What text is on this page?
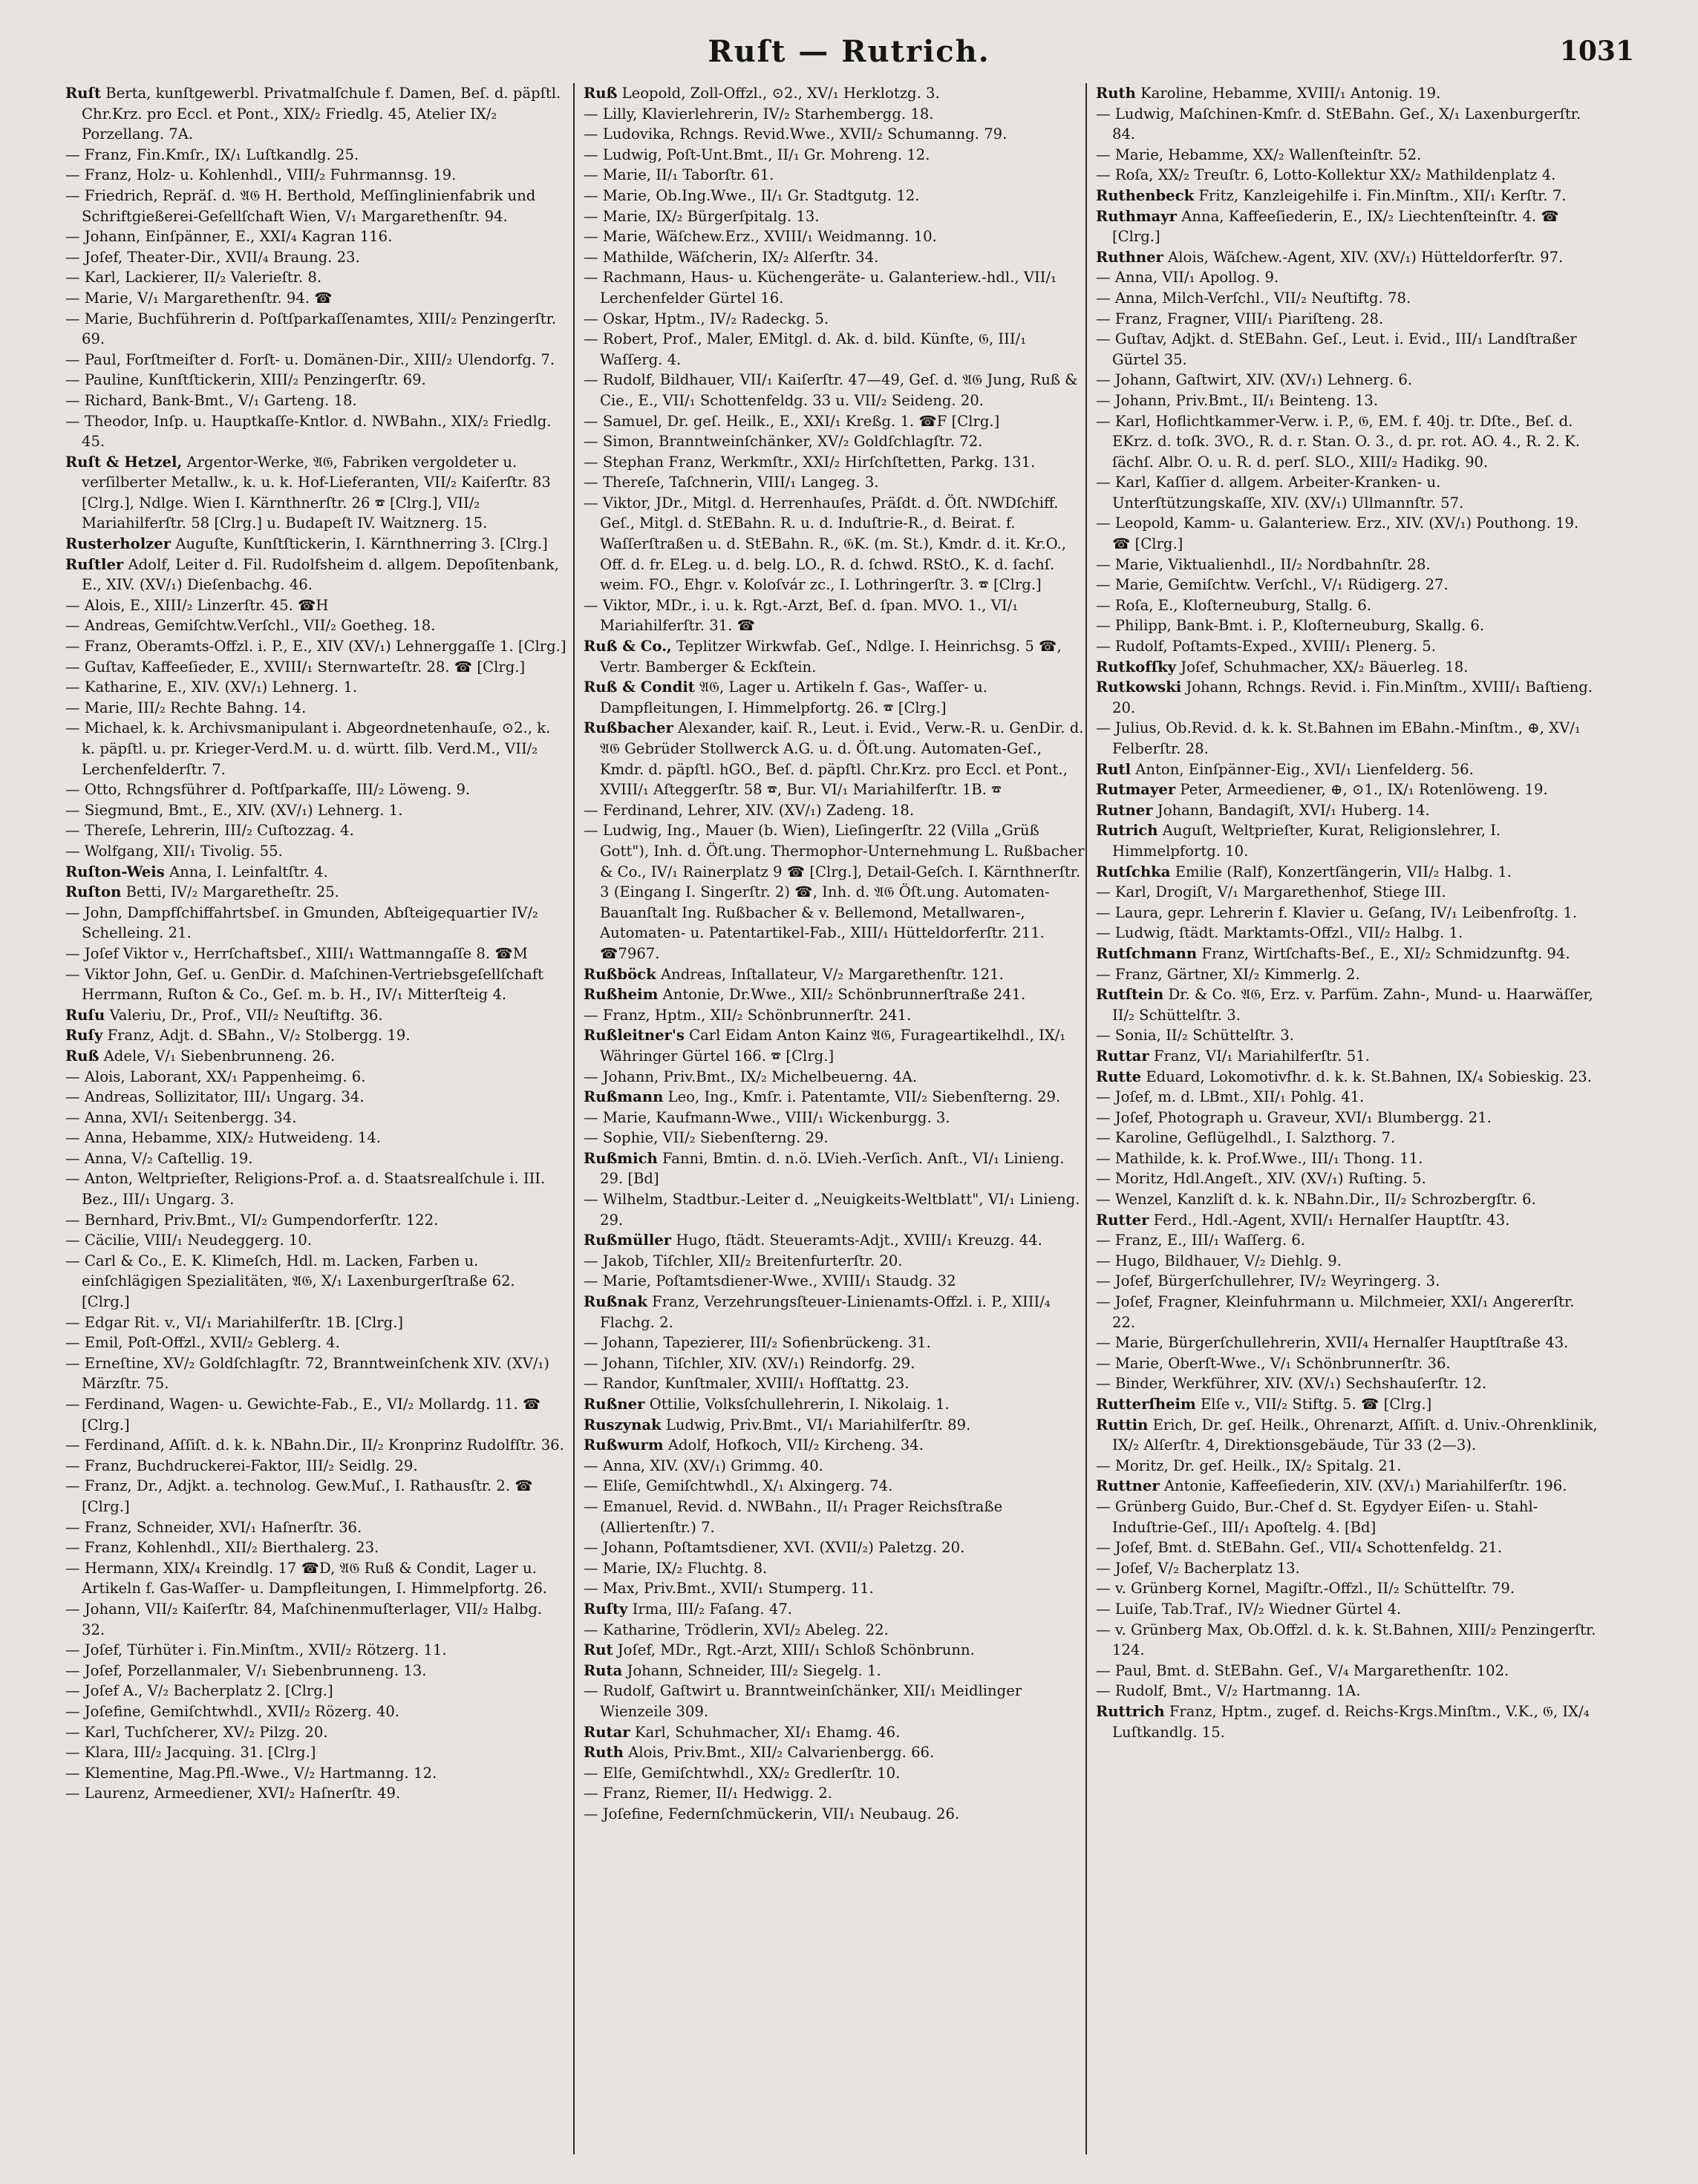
Ruſt — Rutrich.	1031
Ruſt Berta, kunſtgewerbl. Privatmalſchule f. Damen, Beſ. d. päpſtl. Chr.Krz. pro Eccl. et Pont., XIX/₂ Friedlg. 45, Atelier IX/₂ Porzellang. 7A.
— Franz, Fin.Kmſr., IX/₁ Luſtkandlg. 25.
— Franz, Holz- u. Kohlenhdl., VIII/₂ Fuhrmannsg. 19.
— Friedrich, Repräſ. d. 𝔄𝔊 H. Berthold, Meſſinglinienfabrik und Schriftgießerei-Geſellſchaft Wien, V/₁ Margarethenſtr. 94.
— Johann, Einſpänner, E., XXI/₄ Kagran 116.
— Joſef, Theater-Dir., XVII/₄ Braung. 23.
— Karl, Lackierer, II/₂ Valerieſtr. 8.
— Marie, V/₁ Margarethenſtr. 94. ☎
— Marie, Buchführerin d. Poſtſparkaſſenamtes, XIII/₂ Penzingerſtr. 69.
— Paul, Forſtmeiſter d. Forſt- u. Domänen-Dir., XIII/₂ Ulendorfg. 7.
— Pauline, Kunſtſtickerin, XIII/₂ Penzingerſtr. 69.
— Richard, Bank-Bmt., V/₁ Garteng. 18.
— Theodor, Inſp. u. Hauptkaſſe-Kntlor. d. NWBahn., XIX/₂ Friedlg. 45.
Ruſt & Hetzel, Argentor-Werke, 𝔄𝔊, Fabriken vergoldeter u. verſilberter Metallw., k. u. k. Hof-Lieferanten, VII/₂ Kaiſerſtr. 83 [Clrg.], Ndlge. Wien I. Kärnthnerſtr. 26 ☎ [Clrg.], VII/₂ Mariahilferſtr. 58 [Clrg.] u. Budapeſt IV. Waitznerg. 15.
Rusterholzer Auguſte, Kunſtſtickerin, I. Kärnthnerring 3. [Clrg.]
Ruſtler Adolf, Leiter d. Fil. Rudolfsheim d. allgem. Depoſitenbank, E., XIV. (XV/₁) Dieſenbachg. 46.
— Alois, E., XIII/₂ Linzerſtr. 45. ☎H
— Andreas, Gemiſchtw.Verſchl., VII/₂ Goetheg. 18.
— Franz, Oberamts-Offzl. i. P., E., XIV (XV/₁) Lehnerggaſſe 1. [Clrg.]
— Guſtav, Kaffeeſieder, E., XVIII/₁ Sternwarteſtr. 28. ☎ [Clrg.]
— Katharine, E., XIV. (XV/₁) Lehnerg. 1.
— Marie, III/₂ Rechte Bahng. 14.
— Michael, k. k. Archivsmanipulant i. Abgeordnetenhauſe, ⊙2., k. k. päpſtl. u. pr. Krieger-Verd.M. u. d. württ. ſilb. Verd.M., VII/₂ Lerchenfelderſtr. 7.
— Otto, Rchngsführer d. Poſtſparkaſſe, III/₂ Löweng. 9.
— Siegmund, Bmt., E., XIV. (XV/₁) Lehnerg. 1.
— Thereſe, Lehrerin, III/₂ Cuſtozzag. 4.
— Wolfgang, XII/₁ Tivolig. 55.
Ruſton-Weis Anna, I. Leinfaltſtr. 4.
Ruſton Betti, IV/₂ Margaretheſtr. 25.
— John, Dampfſchiffahrtsbeſ. in Gmunden, Abſteigequartier IV/₂ Schelleing. 21.
— Joſef Viktor v., Herrſchaftsbeſ., XIII/₁ Wattmanngaſſe 8. ☎M
— Viktor John, Geſ. u. GenDir. d. Maſchinen-Vertriebsgeſellſchaft Herrmann, Ruſton & Co., Geſ. m. b. H., IV/₁ Mitterſteig 4.
Ruſu Valeriu, Dr., Prof., VII/₂ Neuſtiftg. 36.
Ruſy Franz, Adjt. d. SBahn., V/₂ Stolbergg. 19.
Ruß Adele, V/₁ Siebenbrunneng. 26.
— Alois, Laborant, XX/₁ Pappenheimg. 6.
— Andreas, Sollizitator, III/₁ Ungarg. 34.
— Anna, XVI/₁ Seitenbergg. 34.
— Anna, Hebamme, XIX/₂ Hutweideng. 14.
— Anna, V/₂ Caſtellig. 19.
— Anton, Weltprieſter, Religions-Prof. a. d. Staatsrealſchule i. III. Bez., III/₁ Ungarg. 3.
— Bernhard, Priv.Bmt., VI/₂ Gumpendorferſtr. 122.
— Cäcilie, VIII/₁ Neudeggerg. 10.
— Carl & Co., E. K. Klimeſch, Hdl. m. Lacken, Farben u. einſchlägigen Spezialitäten, 𝔄𝔊, X/₁ Laxenburgerſtraße 62. [Clrg.]
— Edgar Rit. v., VI/₁ Mariahilferſtr. 1B. [Clrg.]
— Emil, Poſt-Offzl., XVII/₂ Geblerg. 4.
— Erneſtine, XV/₂ Goldſchlagſtr. 72, Branntweinſchenk XIV. (XV/₁) Märzſtr. 75.
— Ferdinand, Wagen- u. Gewichte-Fab., E., VI/₂ Mollardg. 11. ☎ [Clrg.]
— Ferdinand, Aſſiſt. d. k. k. NBahn.Dir., II/₂ Kronprinz Rudolfſtr. 36.
— Franz, Buchdruckerei-Faktor, III/₂ Seidlg. 29.
— Franz, Dr., Adjkt. a. technolog. Gew.Muſ., I. Rathausſtr. 2. ☎ [Clrg.]
— Franz, Schneider, XVI/₁ Haſnerſtr. 36.
— Franz, Kohlenhdl., XII/₂ Bierthalerg. 23.
— Hermann, XIX/₄ Kreindlg. 17 ☎D, 𝔄𝔊 Ruß & Condit, Lager u. Artikeln f. Gas-Waſſer- u. Dampfleitungen, I. Himmelpfortg. 26.
— Johann, VII/₂ Kaiſerſtr. 84, Maſchinenmuſterlager, VII/₂ Halbg. 32.
— Joſef, Türhüter i. Fin.Minſtm., XVII/₂ Rötzerg. 11.
— Joſef, Porzellanmaler, V/₁ Siebenbrunneng. 13.
— Joſef A., V/₂ Bacherplatz 2. [Clrg.]
— Joſefine, Gemiſchtwhdl., XVII/₂ Rözerg. 40.
— Karl, Tuchſcherer, XV/₂ Pilzg. 20.
— Klara, III/₂ Jacquing. 31. [Clrg.]
— Klementine, Mag.Pfl.-Wwe., V/₂ Hartmanng. 12.
— Laurenz, Armeediener, XVI/₂ Haſnerſtr. 49.
Ruß Leopold, Zoll-Offzl., ⊙2., XV/₁ Herklotzg. 3.
— Lilly, Klavierlehrerin, IV/₂ Starhembergg. 18.
— Ludovika, Rchngs. Revid.Wwe., XVII/₂ Schumanng. 79.
— Ludwig, Poſt-Unt.Bmt., II/₁ Gr. Mohreng. 12.
— Marie, II/₁ Taborſtr. 61.
— Marie, Ob.Ing.Wwe., II/₁ Gr. Stadtgutg. 12.
— Marie, IX/₂ Bürgerſpitalg. 13.
— Marie, Wäſchew.Erz., XVIII/₁ Weidmanng. 10.
— Mathilde, Wäſcherin, IX/₂ Alſerſtr. 34.
— Rachmann, Haus- u. Küchengeräte- u. Galanteriew.-hdl., VII/₁ Lerchenfelder Gürtel 16.
— Oskar, Hptm., IV/₂ Radeckg. 5.
— Robert, Prof., Maler, EMitgl. d. Ak. d. bild. Künſte, 𝔊, III/₁ Waſſerg. 4.
— Rudolf, Bildhauer, VII/₁ Kaiſerſtr. 47—49, Geſ. d. 𝔄𝔊 Jung, Ruß & Cie., E., VII/₁ Schottenfeldg. 33 u. VII/₂ Seideng. 20.
— Samuel, Dr. geſ. Heilk., E., XXI/₁ Kreßg. 1. ☎F [Clrg.]
— Simon, Branntweinſchänker, XV/₂ Goldſchlagſtr. 72.
— Stephan Franz, Werkmſtr., XXI/₂ Hirſchſtetten, Parkg. 131.
— Thereſe, Taſchnerin, VIII/₁ Langeg. 3.
— Viktor, JDr., Mitgl. d. Herrenhauſes, Präſdt. d. Öſt. NWDſchiff. Geſ., Mitgl. d. StEBahn. R. u. d. Induſtrie-R., d. Beirat. f. Waſſerſtraßen u. d. StEBahn. R., 𝔊K. (m. St.), Kmdr. d. it. Kr.O., Off. d. fr. ELeg. u. d. belg. LO., R. d. ſchwd. RStO., K. d. ſachſ. weim. FO., Ehgr. v. Koloſvár zc., I. Lothringerſtr. 3. ☎ [Clrg.]
— Viktor, MDr., i. u. k. Rgt.-Arzt, Beſ. d. ſpan. MVO. 1., VI/₁ Mariahilferſtr. 31. ☎
Ruß & Co., Teplitzer Wirkwfab. Geſ., Ndlge. I. Heinrichsg. 5 ☎, Vertr. Bamberger & Eckſtein.
Ruß & Condit 𝔄𝔊, Lager u. Artikeln f. Gas-, Waſſer- u. Dampfleitungen, I. Himmelpfortg. 26. ☎ [Clrg.]
Rußbacher Alexander, kaiſ. R., Leut. i. Evid., Verw.-R. u. GenDir. d. 𝔄𝔊 Gebrüder Stollwerck A.G. u. d. Öſt.ung. Automaten-Geſ., Kmdr. d. päpſtl. hGO., Beſ. d. päpſtl. Chr.Krz. pro Eccl. et Pont., XVIII/₁ Aſteggerſtr. 58 ☎, Bur. VI/₁ Mariahilferſtr. 1B. ☎
— Ferdinand, Lehrer, XIV. (XV/₁) Zadeng. 18.
— Ludwig, Ing., Mauer (b. Wien), Lieſingerſtr. 22 (Villa „Grüß Gott"), Inh. d. Öſt.ung. Thermophor-Unternehmung L. Rußbacher & Co., IV/₁ Rainerplatz 9 ☎ [Clrg.], Detail-Geſch. I. Kärnthnerſtr. 3 (Eingang I. Singerſtr. 2) ☎, Inh. d. 𝔄𝔊 Öſt.ung. Automaten-Bauanſtalt Ing. Rußbacher & v. Bellemond, Metallwaren-, Automaten- u. Patentartikel-Fab., XIII/₁ Hütteldorferſtr. 211. ☎7967.
Rußböck Andreas, Inſtallateur, V/₂ Margarethenſtr. 121.
Rußheim Antonie, Dr.Wwe., XII/₂ Schönbrunnerſtraße 241.
— Franz, Hptm., XII/₂ Schönbrunnerſtr. 241.
Rußleitner's Carl Eidam Anton Kainz 𝔄𝔊, Furageartikelhdl., IX/₁ Währinger Gürtel 166. ☎ [Clrg.]
— Johann, Priv.Bmt., IX/₂ Michelbeuerng. 4A.
Rußmann Leo, Ing., Kmſr. i. Patentamte, VII/₂ Siebenſterng. 29.
— Marie, Kaufmann-Wwe., VIII/₁ Wickenburgg. 3.
— Sophie, VII/₂ Siebenſterng. 29.
Rußmich Fanni, Bmtin. d. n.ö. LVieh.-Verſich. Anſt., VI/₁ Linieng. 29. [Bd]
— Wilhelm, Stadtbur.-Leiter d. „Neuigkeits-Weltblatt", VI/₁ Linieng. 29.
Rußmüller Hugo, ſtädt. Steueramts-Adjt., XVIII/₁ Kreuzg. 44.
— Jakob, Tiſchler, XII/₂ Breitenfurterſtr. 20.
— Marie, Poſtamtsdiener-Wwe., XVIII/₁ Staudg. 32
Rußnak Franz, Verzehrungsſteuer-Linienamts-Offzl. i. P., XIII/₄ Flachg. 2.
— Johann, Tapezierer, III/₂ Sofienbrückeng. 31.
— Johann, Tiſchler, XIV. (XV/₁) Reindorfg. 29.
— Randor, Kunſtmaler, XVIII/₁ Hofſtattg. 23.
Rußner Ottilie, Volksſchullehrerin, I. Nikolaig. 1.
Ruszynak Ludwig, Priv.Bmt., VI/₁ Mariahilferſtr. 89.
Rußwurm Adolf, Hofkoch, VII/₂ Kircheng. 34.
— Anna, XIV. (XV/₁) Grimmg. 40.
— Eliſe, Gemiſchtwhdl., X/₁ Alxingerg. 74.
— Emanuel, Revid. d. NWBahn., II/₁ Prager Reichsſtraße (Alliertenſtr.) 7.
— Johann, Poſtamtsdiener, XVI. (XVII/₂) Paletzg. 20.
— Marie, IX/₂ Fluchtg. 8.
— Max, Priv.Bmt., XVII/₁ Stumperg. 11.
Ruſty Irma, III/₂ Faſang. 47.
— Katharine, Trödlerin, XVI/₂ Abeleg. 22.
Rut Joſef, MDr., Rgt.-Arzt, XIII/₁ Schloß Schönbrunn.
Ruta Johann, Schneider, III/₂ Siegelg. 1.
— Rudolf, Gaſtwirt u. Branntweinſchänker, XII/₁ Meidlinger Wienzeile 309.
Rutar Karl, Schuhmacher, XI/₁ Ehamg. 46.
Ruth Alois, Priv.Bmt., XII/₂ Calvarienbergg. 66.
— Elſe, Gemiſchtwhdl., XX/₂ Gredlerſtr. 10.
— Franz, Riemer, II/₁ Hedwigg. 2.
— Joſefine, Federnſchmückerin, VII/₁ Neubaug. 26.
Ruth Karoline, Hebamme, XVIII/₁ Antonig. 19.
— Ludwig, Maſchinen-Kmſr. d. StEBahn. Geſ., X/₁ Laxenburgerſtr. 84.
— Marie, Hebamme, XX/₂ Wallenſteinſtr. 52.
— Roſa, XX/₂ Treuſtr. 6, Lotto-Kollektur XX/₂ Mathildenplatz 4.
Ruthenbeck Fritz, Kanzleigehilfe i. Fin.Minſtm., XII/₁ Kerſtr. 7.
Ruthmayr Anna, Kaffeeſiederin, E., IX/₂ Liechtenſteinſtr. 4. ☎ [Clrg.]
Ruthner Alois, Wäſchew.-Agent, XIV. (XV/₁) Hütteldorferſtr. 97.
— Anna, VII/₁ Apollog. 9.
— Anna, Milch-Verſchl., VII/₂ Neuſtiftg. 78.
— Franz, Fragner, VIII/₁ Piariſteng. 28.
— Guſtav, Adjkt. d. StEBahn. Geſ., Leut. i. Evid., III/₁ Landſtraßer Gürtel 35.
— Johann, Gaſtwirt, XIV. (XV/₁) Lehnerg. 6.
— Johann, Priv.Bmt., II/₁ Beinteng. 13.
— Karl, Hoflichtkammer-Verw. i. P., 𝔊, EM. f. 40j. tr. Dſte., Beſ. d. EKrz. d. toſk. 3VO., R. d. r. Stan. O. 3., d. pr. rot. AO. 4., R. 2. K. ſächſ. Albr. O. u. R. d. perſ. SLO., XIII/₂ Hadikg. 90.
— Karl, Kaſſier d. allgem. Arbeiter-Kranken- u. Unterſtützungskaſſe, XIV. (XV/₁) Ullmannſtr. 57.
— Leopold, Kamm- u. Galanteriew. Erz., XIV. (XV/₁) Pouthong. 19. ☎ [Clrg.]
— Marie, Viktualienhdl., II/₂ Nordbahnſtr. 28.
— Marie, Gemiſchtw. Verſchl., V/₁ Rüdigerg. 27.
— Roſa, E., Kloſterneuburg, Stallg. 6.
— Philipp, Bank-Bmt. i. P., Kloſterneuburg, Skallg. 6.
— Rudolf, Poſtamts-Exped., XVIII/₁ Plenerg. 5.
Rutkofſky Joſef, Schuhmacher, XX/₂ Bäuerleg. 18.
Rutkowski Johann, Rchngs. Revid. i. Fin.Minſtm., XVIII/₁ Baſtieng. 20.
— Julius, Ob.Revid. d. k. k. St.Bahnen im EBahn.-Minſtm., ⊕, XV/₁ Felberſtr. 28.
Rutl Anton, Einſpänner-Eig., XVI/₁ Lienfelderg. 56.
Rutmayer Peter, Armeediener, ⊕, ⊙1., IX/₁ Rotenlöweng. 19.
Rutner Johann, Bandagiſt, XVI/₁ Huberg. 14.
Rutrich Auguſt, Weltprieſter, Kurat, Religionslehrer, I. Himmelpfortg. 10.
Rutſchka Emilie (Ralf), Konzertſängerin, VII/₂ Halbg. 1.
— Karl, Drogiſt, V/₁ Margarethenhof, Stiege III.
— Laura, gepr. Lehrerin f. Klavier u. Geſang, IV/₁ Leibenfroſtg. 1.
— Ludwig, ſtädt. Marktamts-Offzl., VII/₂ Halbg. 1.
Rutſchmann Franz, Wirtſchafts-Beſ., E., XI/₂ Schmidzunftg. 94.
— Franz, Gärtner, XI/₂ Kimmerlg. 2.
Rutſtein Dr. & Co. 𝔄𝔊, Erz. v. Parfüm. Zahn-, Mund- u. Haarwäſſer, II/₂ Schüttelſtr. 3.
— Sonia, II/₂ Schüttelſtr. 3.
Ruttar Franz, VI/₁ Mariahilferſtr. 51.
Rutte Eduard, Lokomotivfhr. d. k. k. St.Bahnen, IX/₄ Sobieskig. 23.
— Joſef, m. d. LBmt., XII/₁ Pohlg. 41.
— Joſef, Photograph u. Graveur, XVI/₁ Blumbergg. 21.
— Karoline, Geflügelhdl., I. Salzthorg. 7.
— Mathilde, k. k. Prof.Wwe., III/₁ Thong. 11.
— Moritz, Hdl.Angeſt., XIV. (XV/₁) Ruſting. 5.
— Wenzel, Kanzliſt d. k. k. NBahn.Dir., II/₂ Schrozbergſtr. 6.
Rutter Ferd., Hdl.-Agent, XVII/₁ Hernalſer Hauptſtr. 43.
— Franz, E., III/₁ Waſſerg. 6.
— Hugo, Bildhauer, V/₂ Diehlg. 9.
— Joſef, Bürgerſchullehrer, IV/₂ Weyringerg. 3.
— Joſef, Fragner, Kleinfuhrmann u. Milchmeier, XXI/₁ Angererſtr. 22.
— Marie, Bürgerſchullehrerin, XVII/₄ Hernalſer Hauptſtraße 43.
— Marie, Oberſt-Wwe., V/₁ Schönbrunnerſtr. 36.
— Binder, Werkführer, XIV. (XV/₁) Sechshauſerſtr. 12.
Rutterſheim Elſe v., VII/₂ Stiftg. 5. ☎ [Clrg.]
Ruttin Erich, Dr. geſ. Heilk., Ohrenarzt, Aſſiſt. d. Univ.-Ohrenklinik, IX/₂ Alſerſtr. 4, Direktionsgebäude, Tür 33 (2—3).
— Moritz, Dr. geſ. Heilk., IX/₂ Spitalg. 21.
Ruttner Antonie, Kaffeeſiederin, XIV. (XV/₁) Mariahilferſtr. 196.
— Grünberg Guido, Bur.-Chef d. St. Egydyer Eiſen- u. Stahl-Induſtrie-Geſ., III/₁ Apoſtelg. 4. [Bd]
— Joſef, Bmt. d. StEBahn. Geſ., VII/₄ Schottenfeldg. 21.
— Joſef, V/₂ Bacherplatz 13.
— v. Grünberg Kornel, Magiſtr.-Offzl., II/₂ Schüttelſtr. 79.
— Luiſe, Tab.Traf., IV/₂ Wiedner Gürtel 4.
— v. Grünberg Max, Ob.Offzl. d. k. k. St.Bahnen, XIII/₂ Penzingerſtr. 124.
— Paul, Bmt. d. StEBahn. Geſ., V/₄ Margarethenſtr. 102.
— Rudolf, Bmt., V/₂ Hartmanng. 1A.
Ruttrich Franz, Hptm., zugef. d. Reichs-Krgs.Minſtm., V.K., 𝔊, IX/₄ Luſtkandlg. 15.
